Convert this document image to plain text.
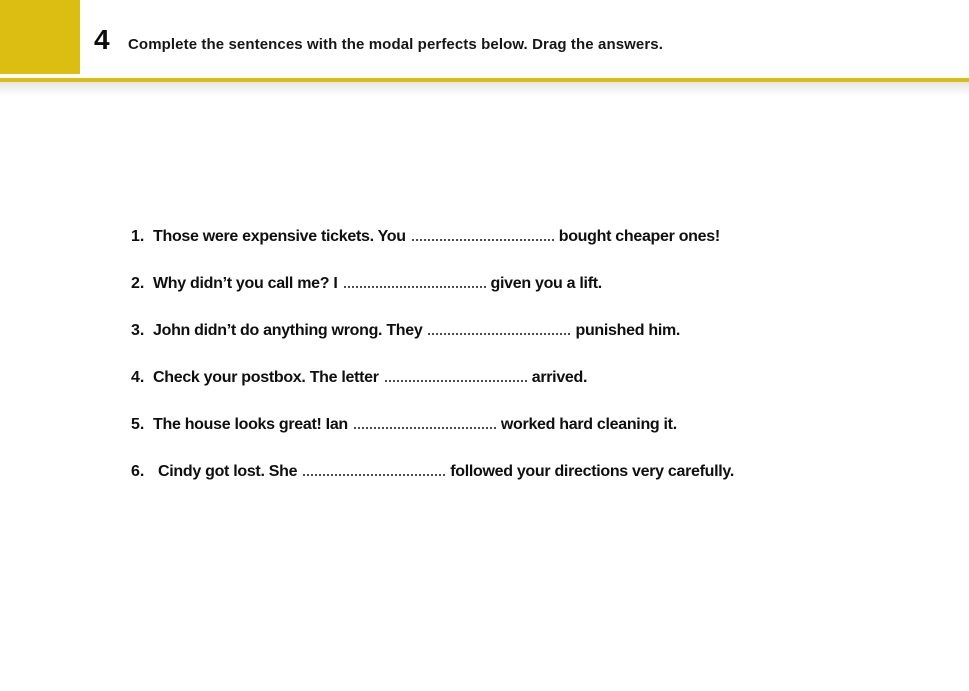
4 Complete the sentences with the modal perfects below. Drag the answers.
1. Those were expensive tickets. You	bought cheaper ones!
2. Why didn’t you call me? I	given you a lift.
3. John didn’t do anything wrong. They	punished him.
4. Check your postbox. The letter	arrived.
5. The house looks great! Ian	worked hard cleaning it.
6. Cindy got lost. She	followed your directions very carefully.
